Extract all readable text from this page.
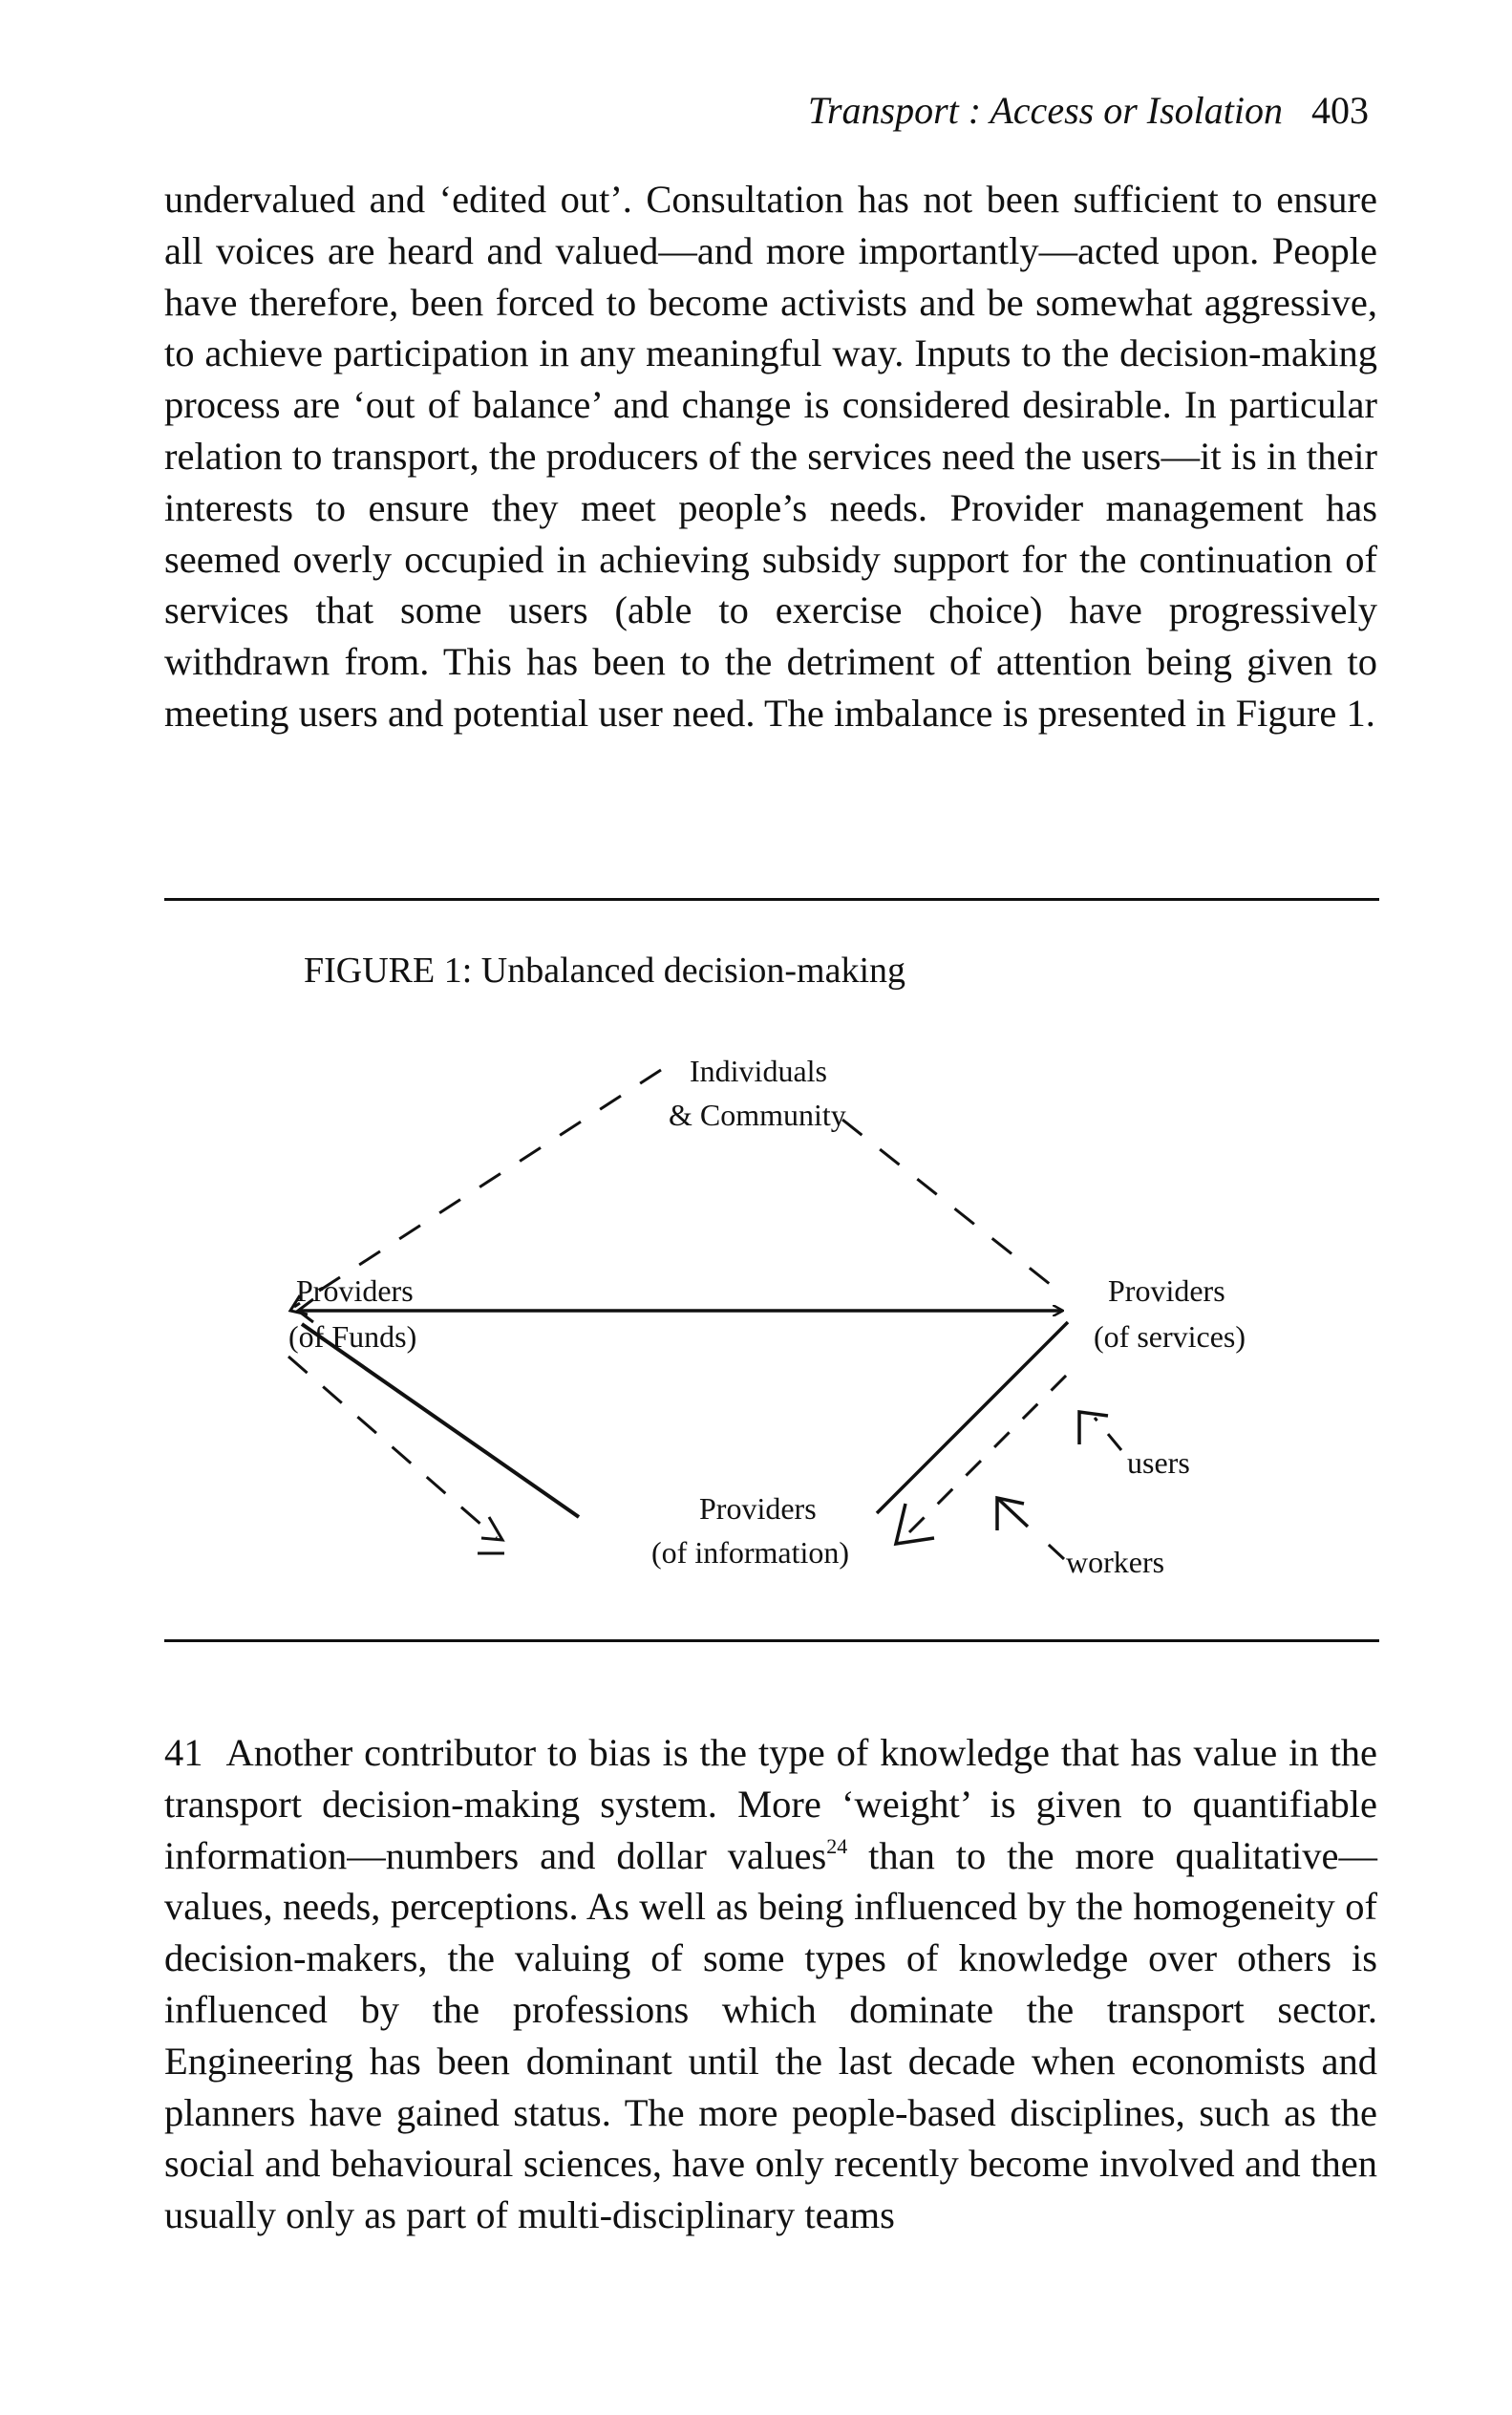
Transport : Access or Isolation 403

undervalued and ‘edited out’. Consultation has not been sufficient to ensure all voices are heard and valued—and more importantly—acted upon. People have therefore, been forced to become activists and be somewhat aggressive, to achieve participation in any meaningful way. Inputs to the decision-making process are ‘out of balance’ and change is considered desirable. In particular relation to transport, the producers of the services need the users—it is in their interests to ensure they meet people’s needs. Provider management has seemed overly occupied in achieving subsidy support for the continuation of services that some users (able to exercise choice) have progressively withdrawn from. This has been to the detriment of attention being given to meeting users and potential user need. The imbalance is presented in Figure 1.

FIGURE 1: Unbalanced decision-making
Individuals
& Community
Providers
(of Funds)
Providers
(of services)
Providers
(of information)
users
workers

41 Another contributor to bias is the type of knowledge that has value in the transport decision-making system. More ‘weight’ is given to quantifiable information—numbers and dollar values$^{24}$ than to the more qualitative—values, needs, perceptions. As well as being influenced by the homogeneity of decision-makers, the valuing of some types of knowledge over others is influenced by the professions which dominate the transport sector. Engineering has been dominant until the last decade when economists and planners have gained status. The more people-based disciplines, such as the social and behavioural sciences, have only recently become involved and then usually only as part of multi-disciplinary teams
